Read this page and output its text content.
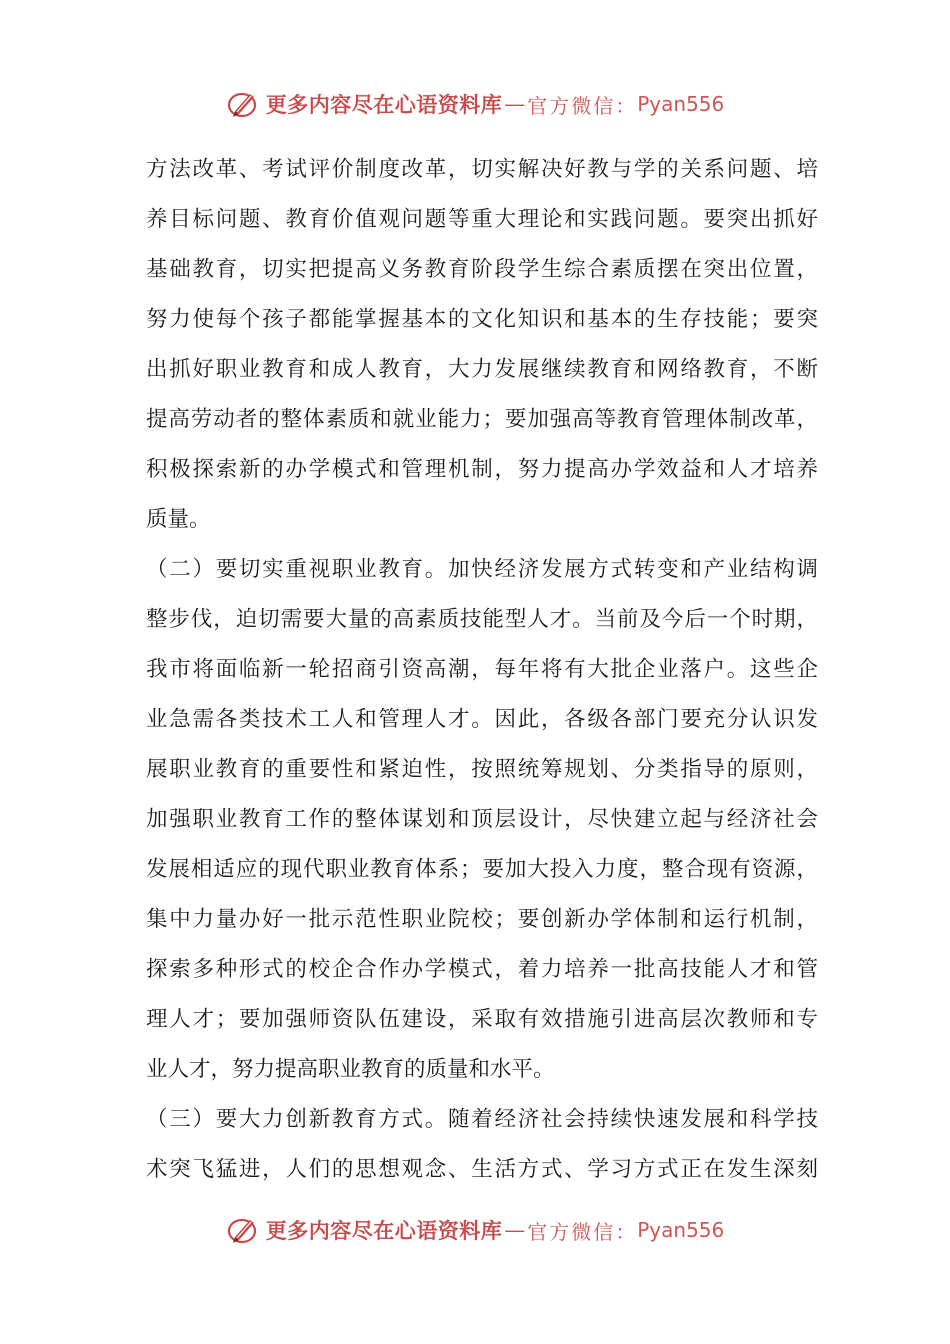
更多内容尽在心语资料库 — 官方微信： Pyan556
方法改革、考试评价制度改革，切实解决好教与学的关系问题、培
养目标问题、教育价值观问题等重大理论和实践问题。要突出抓好
基础教育，切实把提高义务教育阶段学生综合素质摆在突出位置，
努力使每个孩子都能掌握基本的文化知识和基本的生存技能；要突
出抓好职业教育和成人教育，大力发展继续教育和网络教育，不断
提高劳动者的整体素质和就业能力；要加强高等教育管理体制改革，
积极探索新的办学模式和管理机制，努力提高办学效益和人才培养
质量。
（二）要切实重视职业教育。加快经济发展方式转变和产业结构调
整步伐，迫切需要大量的高素质技能型人才。当前及今后一个时期，
我市将面临新一轮招商引资高潮，每年将有大批企业落户。这些企
业急需各类技术工人和管理人才。因此，各级各部门要充分认识发
展职业教育的重要性和紧迫性，按照统筹规划、分类指导的原则，
加强职业教育工作的整体谋划和顶层设计，尽快建立起与经济社会
发展相适应的现代职业教育体系；要加大投入力度，整合现有资源，
集中力量办好一批示范性职业院校；要创新办学体制和运行机制，
探索多种形式的校企合作办学模式，着力培养一批高技能人才和管
理人才；要加强师资队伍建设，采取有效措施引进高层次教师和专
业人才，努力提高职业教育的质量和水平。
（三）要大力创新教育方式。随着经济社会持续快速发展和科学技
术突飞猛进，人们的思想观念、生活方式、学习方式正在发生深刻
更多内容尽在心语资料库 — 官方微信： Pyan556
